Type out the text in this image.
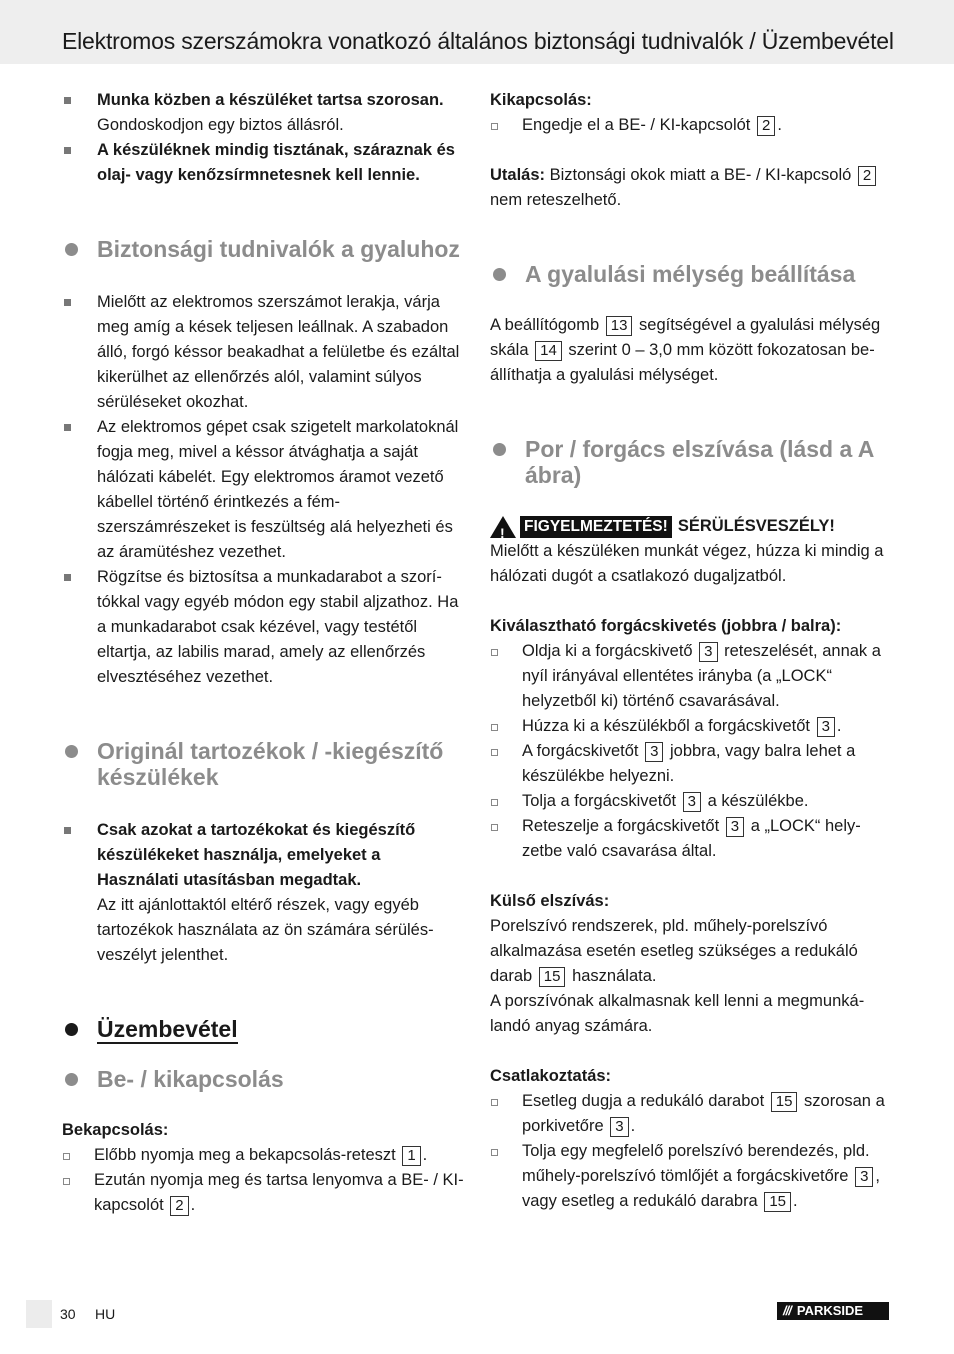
Elektromos szerszámokra vonatkozó általános biztonsági tudnivalók / Üzembevétel
Munka közben a készüléket tartsa szorosan. Gondoskodjon egy biztos állásról.
A készüléknek mindig tisztának, száraznak és olaj- vagy kenőzsírmnetesnek kell lennie.
Biztonsági tudnivalók a gyaluhoz
Mielőtt az elektromos szerszámot lerakja, várja meg amíg a kések teljesen leállnak. A szabadon álló, forgó késsor beakadhat a felületbe és ezáltal kikerülhet az ellenőrzés alól, valamint súlyos sérüléseket okozhat.
Az elektromos gépet csak szigetelt markolatoknál fogja meg, mivel a késsor átvághatja a saját hálózati kábelét. Egy elektromos áramot vezető kábellel történő érintkezés a fém-szerszámrészeket is feszültség alá helyezheti és az áramütéshez vezethet.
Rögzítse és biztosítsa a munkadarabot a szorítókkal vagy egyéb módon egy stabil aljzathoz. Ha a munkadarabot csak kézével, vagy testétől eltartja, az labilis marad, amely az ellenőrzés elvesztéséhez vezethet.
Originál tartozékok / -kiegészítő készülékek
Csak azokat a tartozékokat és kiegészítő készülékeket használja, emelyeket a Használati utasításban megadtak.
Az itt ajánlottaktól eltérő részek, vagy egyéb tartozékok használata az ön számára sérülésveszélyt jelenthet.
Üzembevétel
Be- / kikapcsolás
Bekapcsolás:
Előbb nyomja meg a bekapcsolás-reteszt 1 .
Ezután nyomja meg és tartsa lenyomva a BE- / KI-kapcsolót 2 .
Kikapcsolás:
Engedje el a BE- / KI-kapcsolót 2 .
Utalás: Biztonsági okok miatt a BE- / KI-kapcsoló 2 nem reteszelhető.
A gyalulási mélység beállítása
A beállítógomb 13 segítségével a gyalulási mélység skála 14 szerint 0 – 3,0 mm között fokozatosan beállíthatja a gyalulási mélységet.
Por / forgács elszívása (lásd a A ábra)
! FIGYELMEZTETÉS! SÉRÜLÉSVESZÉLY!
Mielőtt a készüléken munkát végez, húzza ki mindig a hálózati dugót a csatlakozó dugaljzatból.
Kiválasztható forgácskivetés (jobbra / balra):
Oldja ki a forgácskivető 3 reteszelését, annak a nyíl irányával ellentétes irányba (a „LOCK“ helyzetből ki) történő csavarásával.
Húzza ki a készülékből a forgácskivetőt 3 .
A forgácskivetőt 3 jobbra, vagy balra lehet a készülékbe helyezni.
Tolja a forgácskivetőt 3 a készülékbe.
Reteszelje a forgácskivetőt 3 a „LOCK“ helyzetbe való csavarása által.
Külső elszívás:
Porelszívó rendszerek, pld. műhely-porelszívó alkalmazása esetén esetleg szükséges a redukáló darab 15 használata.
A porszívónak alkalmasnak kell lenni a megmunkálandó anyag számára.
Csatlakoztatás:
Esetleg dugja a redukáló darabot 15 szorosan a porkivetőre 3 .
Tolja egy megfelelő porelszívó berendezés, pld. műhely-porelszívó tömlőjét a forgácskivetőre 3 , vagy esetleg a redukáló darabra 15 .
30 HU	/// PARKSIDE
